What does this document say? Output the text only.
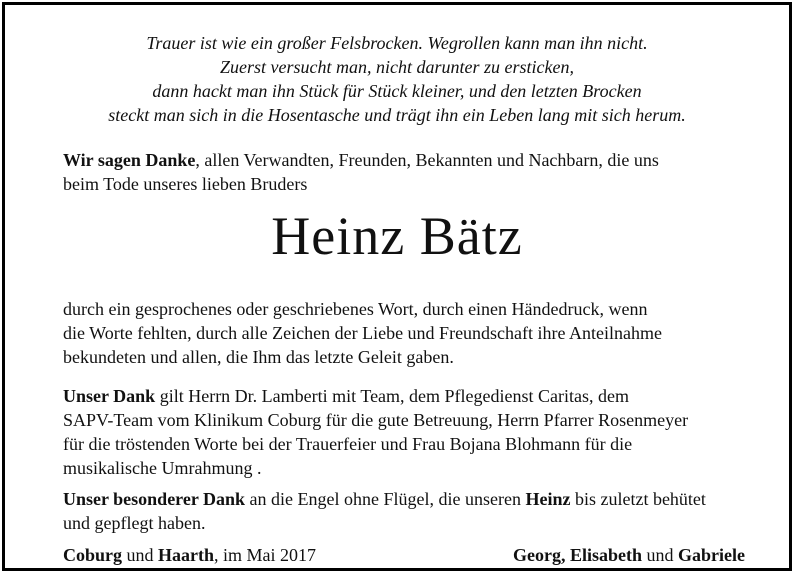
Trauer ist wie ein großer Felsbrocken. Wegrollen kann man ihn nicht.
Zuerst versucht man, nicht darunter zu ersticken,
dann hackt man ihn Stück für Stück kleiner, und den letzten Brocken
steckt man sich in die Hosentasche und trägt ihn ein Leben lang mit sich herum.
Wir sagen Danke, allen Verwandten, Freunden, Bekannten und Nachbarn, die uns
beim Tode unseres lieben Bruders
Heinz Bätz
durch ein gesprochenes oder geschriebenes Wort, durch einen Händedruck, wenn
die Worte fehlten, durch alle Zeichen der Liebe und Freundschaft ihre Anteilnahme
bekundeten und allen, die Ihm das letzte Geleit gaben.
Unser Dank gilt Herrn Dr. Lamberti mit Team, dem Pflegedienst Caritas, dem
SAPV-Team vom Klinikum Coburg für die gute Betreuung, Herrn Pfarrer Rosenmeyer
für die tröstenden Worte bei der Trauerfeier und Frau Bojana Blohmann für die
musikalische Umrahmung .
Unser besonderer Dank an die Engel ohne Flügel, die unseren Heinz bis zuletzt behütet
und gepflegt haben.
Coburg und Haarth, im Mai 2017	Georg, Elisabeth und Gabriele
